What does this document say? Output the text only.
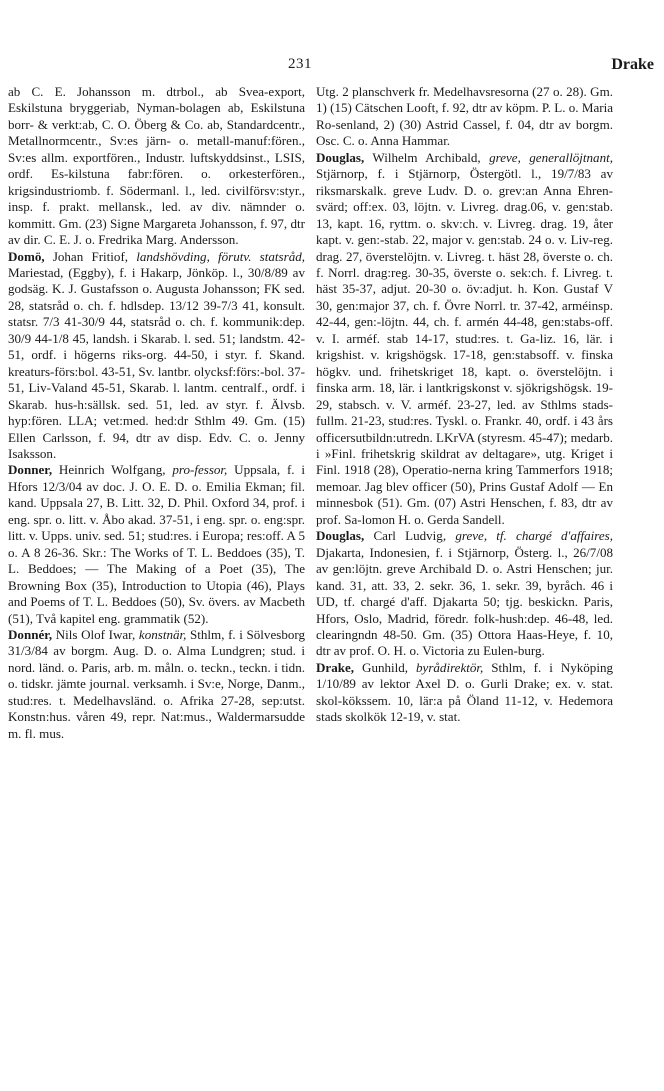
231	Drake

ab C. E. Johansson m. dtrbol., ab Svea-export, Eskilstuna bryggeriab, Nyman-bolagen ab, Eskilstuna borr- & verkt:ab, C. O. Öberg & Co. ab, Standardcentr., Metallnormcentr., Sv:es järn- o. metall-manuf:fören., Sv:es allm. exportfören., Industr. luftskyddsinst., LSIS, ordf. Es-kilstuna fabr:fören. o. orkesterfören., krigsindustriomb. f. Södermanl. l., led. civilförsv:styr., insp. f. prakt. mellansk., led. av div. nämnder o. kommitt. Gm. (23) Signe Margareta Johansson, f. 97, dtr av dir. C. E. J. o. Fredrika Marg. Andersson.

Domö, Johan Fritiof, landshövding, förutv. statsråd, Mariestad, (Eggby), f. i Hakarp, Jönköp. l., 30/8/89 av godsäg. K. J. Gustafsson o. Augusta Johansson; FK sed. 28, statsråd o. ch. f. hdlsdep. 13/12 39-7/3 41, konsult. statsr. 7/3 41-30/9 44, statsråd o. ch. f. kommunik:dep. 30/9 44-1/8 45, landsh. i Skarab. l. sed. 51; landstm. 42-51, ordf. i högerns riks-org. 44-50, i styr. f. Skand. kreaturs-förs:bol. 43-51, Sv. lantbr. olycksf:förs:-bol. 37-51, Liv-Valand 45-51, Skarab. l. lantm. centralf., ordf. i Skarab. hus-h:sällsk. sed. 51, led. av styr. f. Älvsb. hyp:fören. LLA; vet:med. hed:dr Sthlm 49. Gm. (15) Ellen Carlsson, f. 94, dtr av disp. Edv. C. o. Jenny Isaksson.

Donner, Heinrich Wolfgang, pro-fessor, Uppsala, f. i Hfors 12/3/04 av doc. J. O. E. D. o. Emilia Ekman; fil. kand. Uppsala 27, B. Litt. 32, D. Phil. Oxford 34, prof. i eng. spr. o. litt. v. Åbo akad. 37-51, i eng. spr. o. eng:spr. litt. v. Upps. univ. sed. 51; stud:res. i Europa; res:off. A 5 o. A 8 26-36. Skr.: The Works of T. L. Beddoes (35), T. L. Beddoes; — The Making of a Poet (35), The Browning Box (35), Introduction to Utopia (46), Plays and Poems of T. L. Beddoes (50), Sv. övers. av Macbeth (51), Två kapitel eng. grammatik (52).

Donnér, Nils Olof Iwar, konstnär, Sthlm, f. i Sölvesborg 31/3/84 av borgm. Aug. D. o. Alma Lundgren; stud. i nord. länd. o. Paris, arb. m. måln. o. teckn., teckn. i tidn. o. tidskr. jämte journal. verksamh. i Sv:e, Norge, Danm., stud:res. t. Medelhavsländ. o. Afrika 27-28, sep:utst. Konstn:hus. våren 49, repr. Nat:mus., Waldermarsudde m. fl. mus.

Utg. 2 planschverk fr. Medelhavsresorna (27 o. 28). Gm. 1) (15) Cätschen Looft, f. 92, dtr av köpm. P. L. o. Maria Ro-senland, 2) (30) Astrid Cassel, f. 04, dtr av borgm. Osc. C. o. Anna Hammar.

Douglas, Wilhelm Archibald, greve, generallöjtnant, Stjärnorp, f. i Stjärnorp, Östergötl. l., 19/7/83 av riksmarskalk. greve Ludv. D. o. grev:an Anna Ehren-svärd; off:ex. 03, löjtn. v. Livreg. drag.06, v. gen:stab. 13, kapt. 16, ryttm. o. skv:ch. v. Livreg. drag. 19, åter kapt. v. gen:-stab. 22, major v. gen:stab. 24 o. v. Liv-reg. drag. 27, överstelöjtn. v. Livreg. t. häst 28, överste o. ch. f. Norrl. drag:reg. 30-35, överste o. sek:ch. f. Livreg. t. häst 35-37, adjut. 20-30 o. öv:adjut. h. Kon. Gustaf V 30, gen:major 37, ch. f. Övre Norrl. tr. 37-42, arméinsp. 42-44, gen:-löjtn. 44, ch. f. armén 44-48, gen:stabs-off. v. I. arméf. stab 14-17, stud:res. t. Ga-liz. 16, lär. i krigshist. v. krigshögsk. 17-18, gen:stabsoff. v. finska högkv. und. frihetskriget 18, kapt. o. överstelöjtn. i finska arm. 18, lär. i lantkrigskonst v. sjökrigshögsk. 19-29, stabsch. v. V. arméf. 23-27, led. av Sthlms stads-fullm. 21-23, stud:res. Tyskl. o. Frankr. 40, ordf. i 43 års officersutbildn:utredn. LKrVA (styresm. 45-47); medarb. i »Finl. frihetskrig skildrat av deltagare», utg. Kriget i Finl. 1918 (28), Operatio-nerna kring Tammerfors 1918; memoar. Jag blev officer (50), Prins Gustaf Adolf — En minnesbok (51). Gm. (07) Astri Henschen, f. 83, dtr av prof. Sa-lomon H. o. Gerda Sandell.

Douglas, Carl Ludvig, greve, tf. chargé d'affaires, Djakarta, Indonesien, f. i Stjärnorp, Österg. l., 26/7/08 av gen:löjtn. greve Archibald D. o. Astri Henschen; jur. kand. 31, att. 33, 2. sekr. 36, 1. sekr. 39, byråch. 46 i UD, tf. chargé d'aff. Djakarta 50; tjg. beskickn. Paris, Hfors, Oslo, Madrid, föredr. folk-hush:dep. 46-48, led. clearingndn 48-50. Gm. (35) Ottora Haas-Heye, f. 10, dtr av prof. O. H. o. Victoria zu Eulen-burg.

Drake, Gunhild, byrådirektör, Sthlm, f. i Nyköping 1/10/89 av lektor Axel D. o. Gurli Drake; ex. v. stat. skol-kökssem. 10, lär:a på Öland 11-12, v. Hedemora stads skolkök 12-19, v. stat.
